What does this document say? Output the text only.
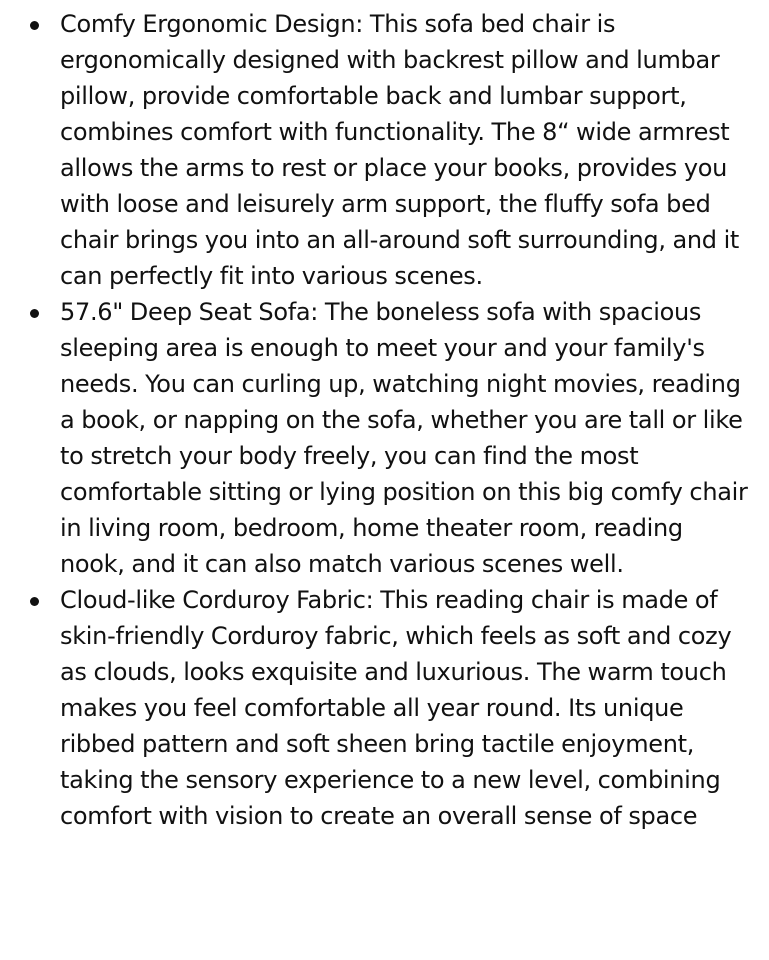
Comfy Ergonomic Design: This sofa bed chair is ergonomically designed with backrest pillow and lumbar pillow, provide comfortable back and lumbar support, combines comfort with functionality. The 8“ wide armrest allows the arms to rest or place your books, provides you with loose and leisurely arm support, the fluffy sofa bed chair brings you into an all-around soft surrounding, and it can perfectly fit into various scenes.
57.6" Deep Seat Sofa: The boneless sofa with spacious sleeping area is enough to meet your and your family's needs. You can curling up, watching night movies, reading a book, or napping on the sofa, whether you are tall or like to stretch your body freely, you can find the most comfortable sitting or lying position on this big comfy chair in living room, bedroom, home theater room, reading nook, and it can also match various scenes well.
Cloud-like Corduroy Fabric: This reading chair is made of skin-friendly Corduroy fabric, which feels as soft and cozy as clouds, looks exquisite and luxurious. The warm touch makes you feel comfortable all year round. Its unique ribbed pattern and soft sheen bring tactile enjoyment, taking the sensory experience to a new level, combining comfort with vision to create an overall sense of space
